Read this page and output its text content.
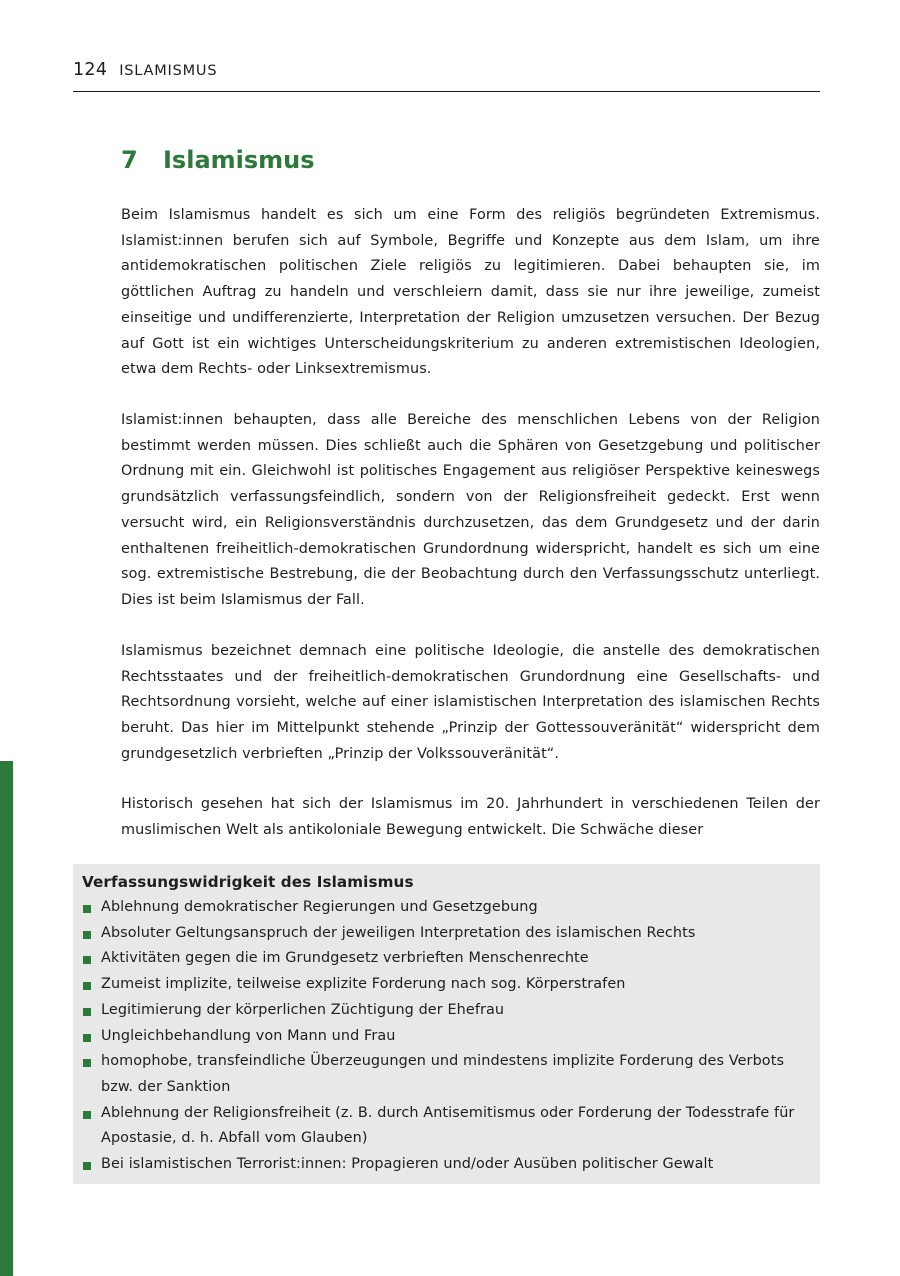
124 ISLAMISMUS
7 Islamismus

Beim Islamismus handelt es sich um eine Form des religiös begründeten Extremismus. Islamist:innen berufen sich auf Symbole, Begriffe und Konzepte aus dem Islam, um ihre antidemokratischen politischen Ziele religiös zu legitimieren. Dabei behaupten sie, im göttlichen Auftrag zu handeln und verschleiern damit, dass sie nur ihre jeweilige, zumeist einseitige und undifferenzierte, Interpretation der Religion umzusetzen versuchen. Der Bezug auf Gott ist ein wichtiges Unterscheidungskriterium zu anderen extremistischen Ideologien, etwa dem Rechts- oder Linksextremismus.

Islamist:innen behaupten, dass alle Bereiche des menschlichen Lebens von der Religion bestimmt werden müssen. Dies schließt auch die Sphären von Gesetzgebung und politischer Ordnung mit ein. Gleichwohl ist politisches Engagement aus religiöser Perspektive keineswegs grundsätzlich verfassungsfeindlich, sondern von der Religionsfreiheit gedeckt. Erst wenn versucht wird, ein Religionsverständnis durchzusetzen, das dem Grundgesetz und der darin enthaltenen freiheitlich-demokratischen Grundordnung widerspricht, handelt es sich um eine sog. extremistische Bestrebung, die der Beobachtung durch den Verfassungsschutz unterliegt. Dies ist beim Islamismus der Fall.

Islamismus bezeichnet demnach eine politische Ideologie, die anstelle des demokratischen Rechtsstaates und der freiheitlich-demokratischen Grundordnung eine Gesellschafts- und Rechtsordnung vorsieht, welche auf einer islamistischen Interpretation des islamischen Rechts beruht. Das hier im Mittelpunkt stehende „Prinzip der Gottessouveränität“ widerspricht dem grundgesetzlich verbrieften „Prinzip der Volkssouveränität“.

Historisch gesehen hat sich der Islamismus im 20. Jahrhundert in verschiedenen Teilen der muslimischen Welt als antikoloniale Bewegung entwickelt. Die Schwäche dieser

Verfassungswidrigkeit des Islamismus

Ablehnung demokratischer Regierungen und Gesetzgebung
Absoluter Geltungsanspruch der jeweiligen Interpretation des islamischen Rechts
Aktivitäten gegen die im Grundgesetz verbrieften Menschenrechte
Zumeist implizite, teilweise explizite Forderung nach sog. Körperstrafen
Legitimierung der körperlichen Züchtigung der Ehefrau
Ungleichbehandlung von Mann und Frau
homophobe, transfeindliche Überzeugungen und mindestens implizite Forderung des Verbots bzw. der Sanktion
Ablehnung der Religionsfreiheit (z. B. durch Antisemitismus oder Forderung der Todesstrafe für Apostasie, d. h. Abfall vom Glauben)
Bei islamistischen Terrorist:innen: Propagieren und/oder Ausüben politischer Gewalt
